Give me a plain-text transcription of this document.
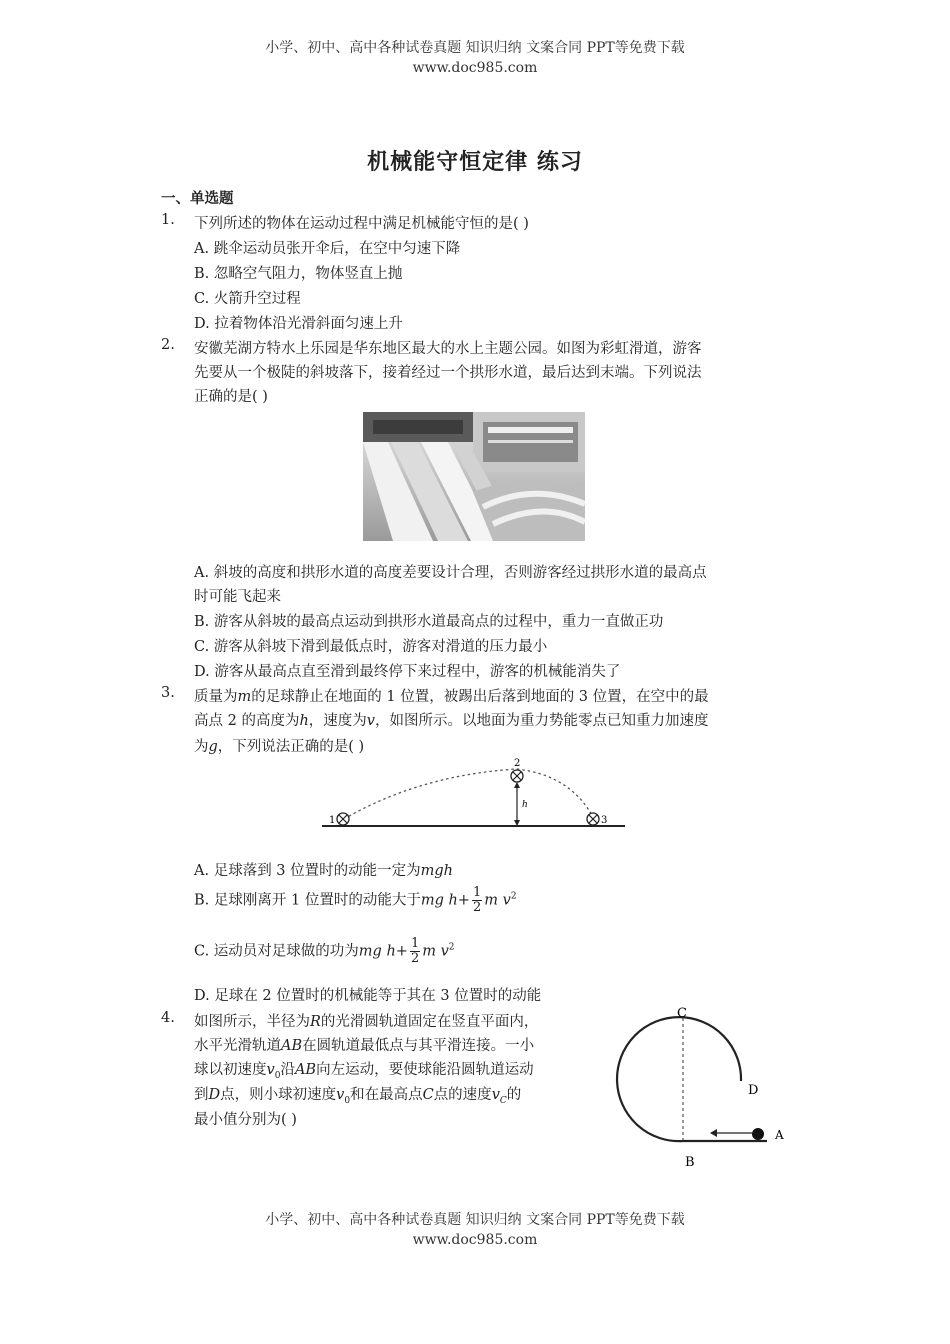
小学、初中、高中各种试卷真题 知识归纳 文案合同 PPT等免费下载
www.doc985.com
机械能守恒定律 练习
一、单选题
1. 下列所述的物体在运动过程中满足机械能守恒的是( )
A. 跳伞运动员张开伞后，在空中匀速下降
B. 忽略空气阻力，物体竖直上抛
C. 火箭升空过程
D. 拉着物体沿光滑斜面匀速上升
2. 安徽芜湖方特水上乐园是华东地区最大的水上主题公园。如图为彩虹滑道，游客
先要从一个极陡的斜坡落下，接着经过一个拱形水道，最后达到末端。下列说法
正确的是( )
A. 斜坡的高度和拱形水道的高度差要设计合理，否则游客经过拱形水道的最高点
时可能飞起来
B. 游客从斜坡的最高点运动到拱形水道最高点的过程中，重力一直做正功
C. 游客从斜坡下滑到最低点时，游客对滑道的压力最小
D. 游客从最高点直至滑到最终停下来过程中，游客的机械能消失了
3. 质量为m的足球静止在地面的 1 位置，被踢出后落到地面的 3 位置，在空中的最
高点 2 的高度为h，速度为v，如图所示。以地面为重力势能零点已知重力加速度
为g，下列说法正确的是( )
1
2
h
3
A. 足球落到 3 位置时的动能一定为mgh
B. 足球刚离开 1 位置时的动能大于mg $h+ \frac{1}{2}$ m $v^2$
C. 运动员对足球做的功为mg $h+ \frac{1}{2}$ m $v^2$
D. 足球在 2 位置时的机械能等于其在 3 位置时的动能
4. 如图所示，半径为R的光滑圆轨道固定在竖直平面内，
水平光滑轨道AB在圆轨道最低点与其平滑连接。一小
球以初速度$v_0$沿AB向左运动，要使球能沿圆轨道运动
到D点，则小球初速度$v_0$和在最高点C点的速度$v_C$的
最小值分别为( )
C
D
A
B
小学、初中、高中各种试卷真题 知识归纳 文案合同 PPT等免费下载
www.doc985.com
